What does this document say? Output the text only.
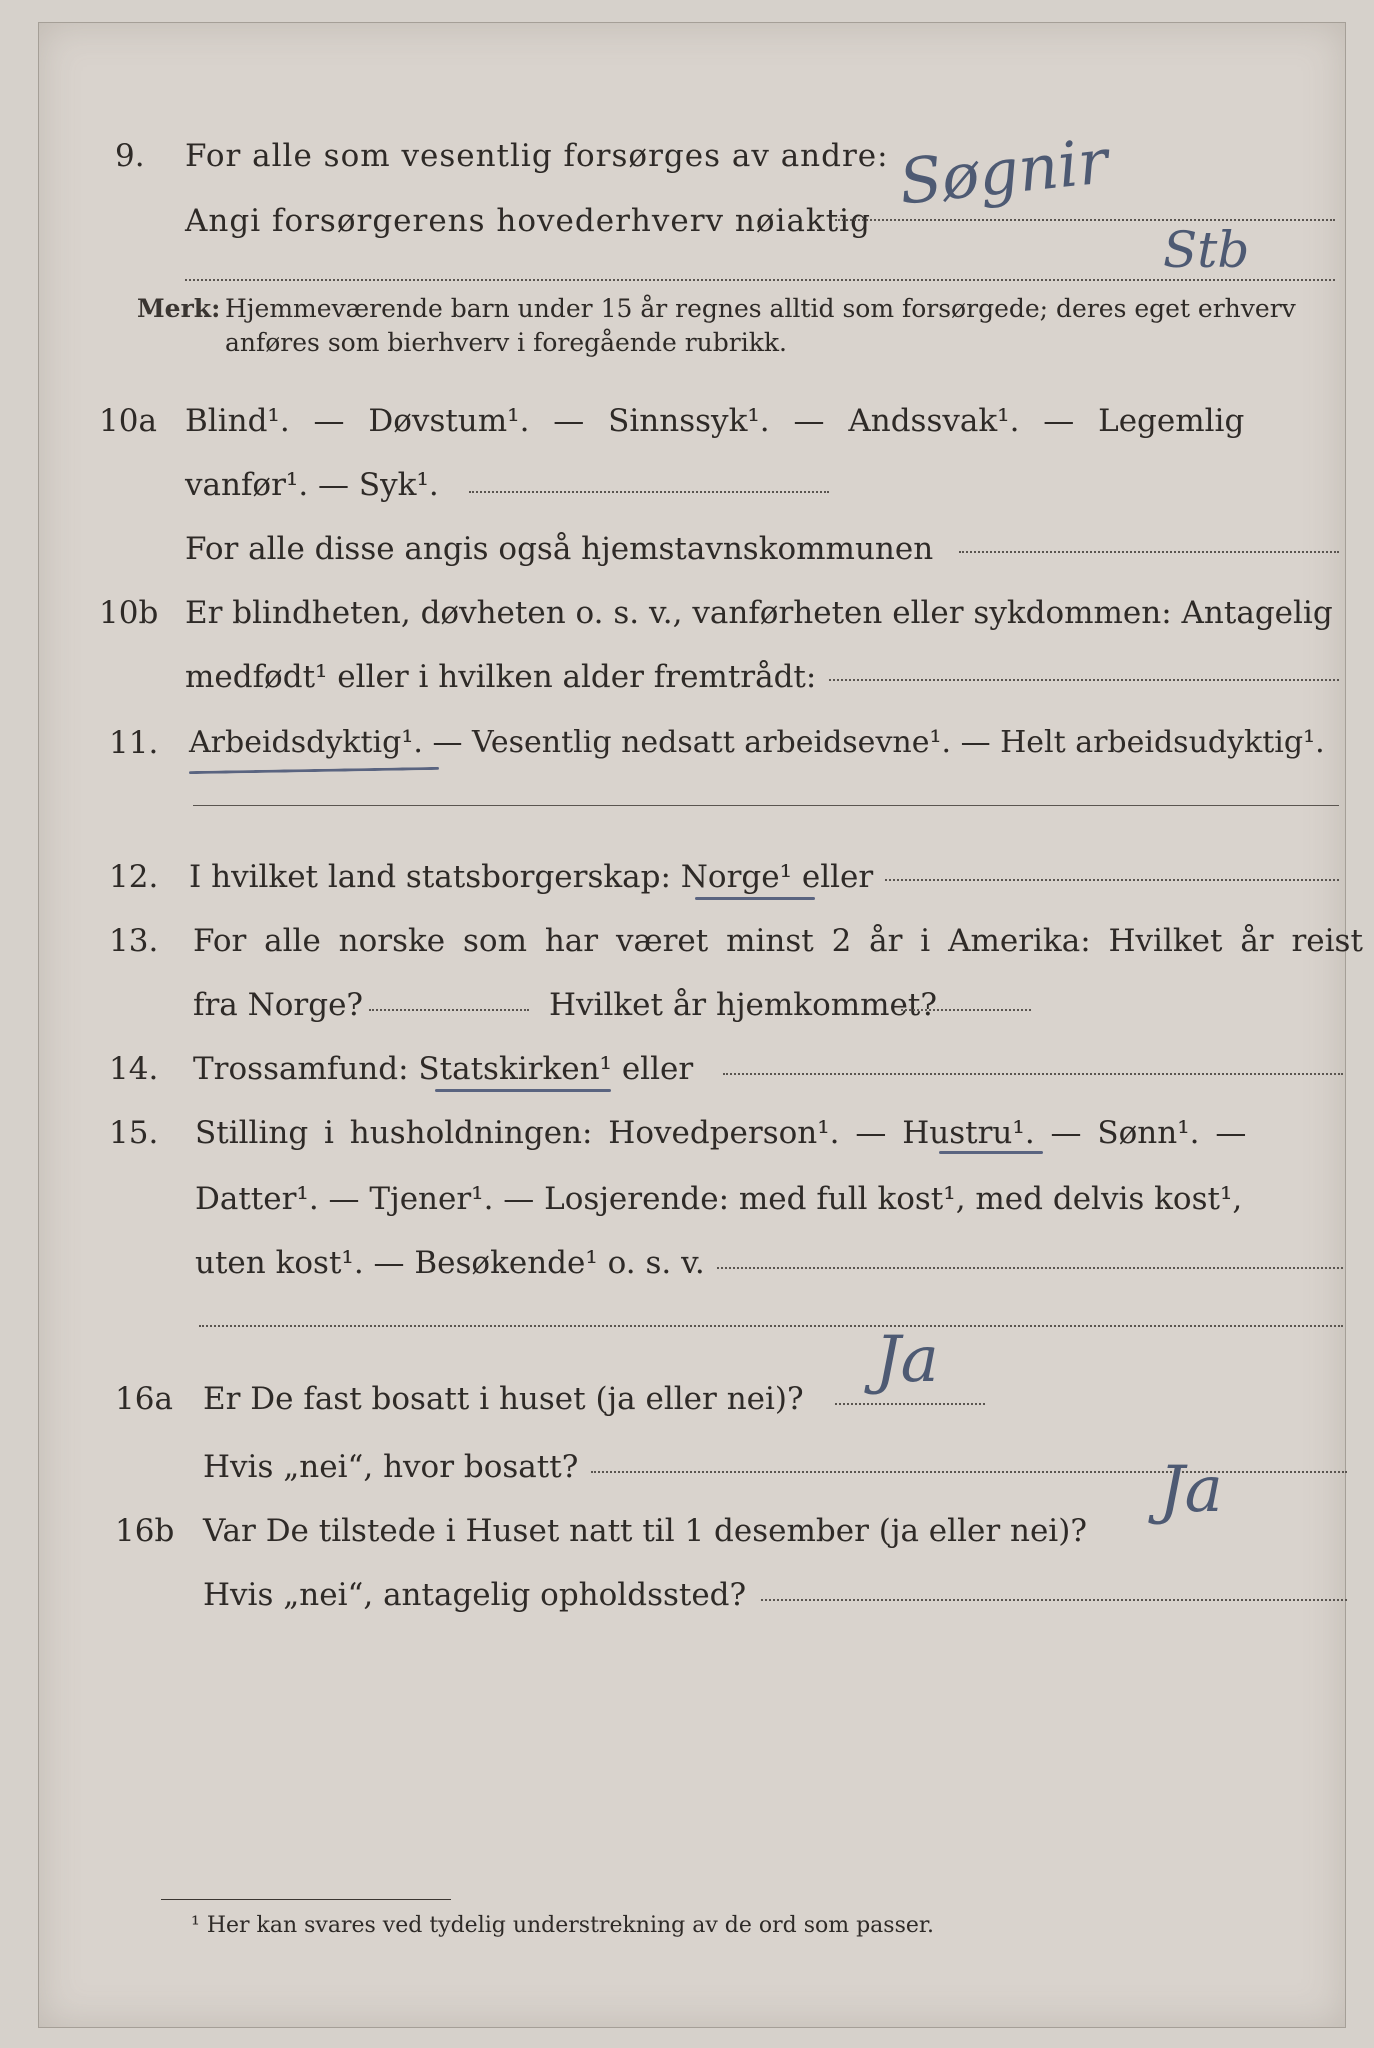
9. For alle som vesentlig forsørges av andre:
Angi forsørgerens hovederhverv nøiaktig
Søgnir
Stb
Merk: Hjemmeværende barn under 15 år regnes alltid som forsørgede; deres eget erhverv
anføres som bierhverv i foregående rubrikk.
10a Blind¹. — Døvstum¹. — Sinnssyk¹. — Andssvak¹. — Legemlig
vanfør¹. — Syk¹.
For alle disse angis også hjemstavnskommunen
10b Er blindheten, døvheten o. s. v., vanførheten eller sykdommen: Antagelig
medfødt¹ eller i hvilken alder fremtrådt:
11. Arbeidsdyktig¹. — Vesentlig nedsatt arbeidsevne¹. — Helt arbeidsudyktig¹.
12. I hvilket land statsborgerskap: Norge¹ eller
13. For alle norske som har været minst 2 år i Amerika: Hvilket år reist
fra Norge?	Hvilket år hjemkommet?
14. Trossamfund: Statskirken¹ eller
15. Stilling i husholdningen: Hovedperson¹. — Hustru¹. — Sønn¹. —
Datter¹. — Tjener¹. — Losjerende: med full kost¹, med delvis kost¹,
uten kost¹. — Besøkende¹ o. s. v.
16a Er De fast bosatt i huset (ja eller nei)?
Ja
Hvis „nei“, hvor bosatt?
16b Var De tilstede i Huset natt til 1 desember (ja eller nei)?
Ja
Hvis „nei“, antagelig opholdssted?
¹ Her kan svares ved tydelig understrekning av de ord som passer.
